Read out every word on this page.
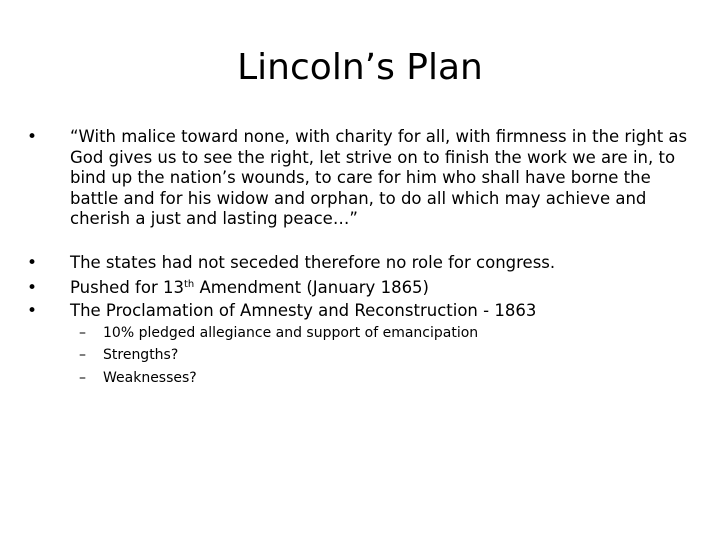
Lincoln’s Plan
• “With malice toward none, with charity for all, with firmness in the right as God gives us to see the right, let strive on to finish the work we are in, to bind up the nation’s wounds, to care for him who shall have borne the battle and for his widow and orphan, to do all which may achieve and cherish a just and lasting peace…”
• The states had not seceded therefore no role for congress.
• Pushed for 13th Amendment (January 1865)
• The Proclamation of Amnesty and Reconstruction - 1863
– 10% pledged allegiance and support of emancipation
– Strengths?
– Weaknesses?
